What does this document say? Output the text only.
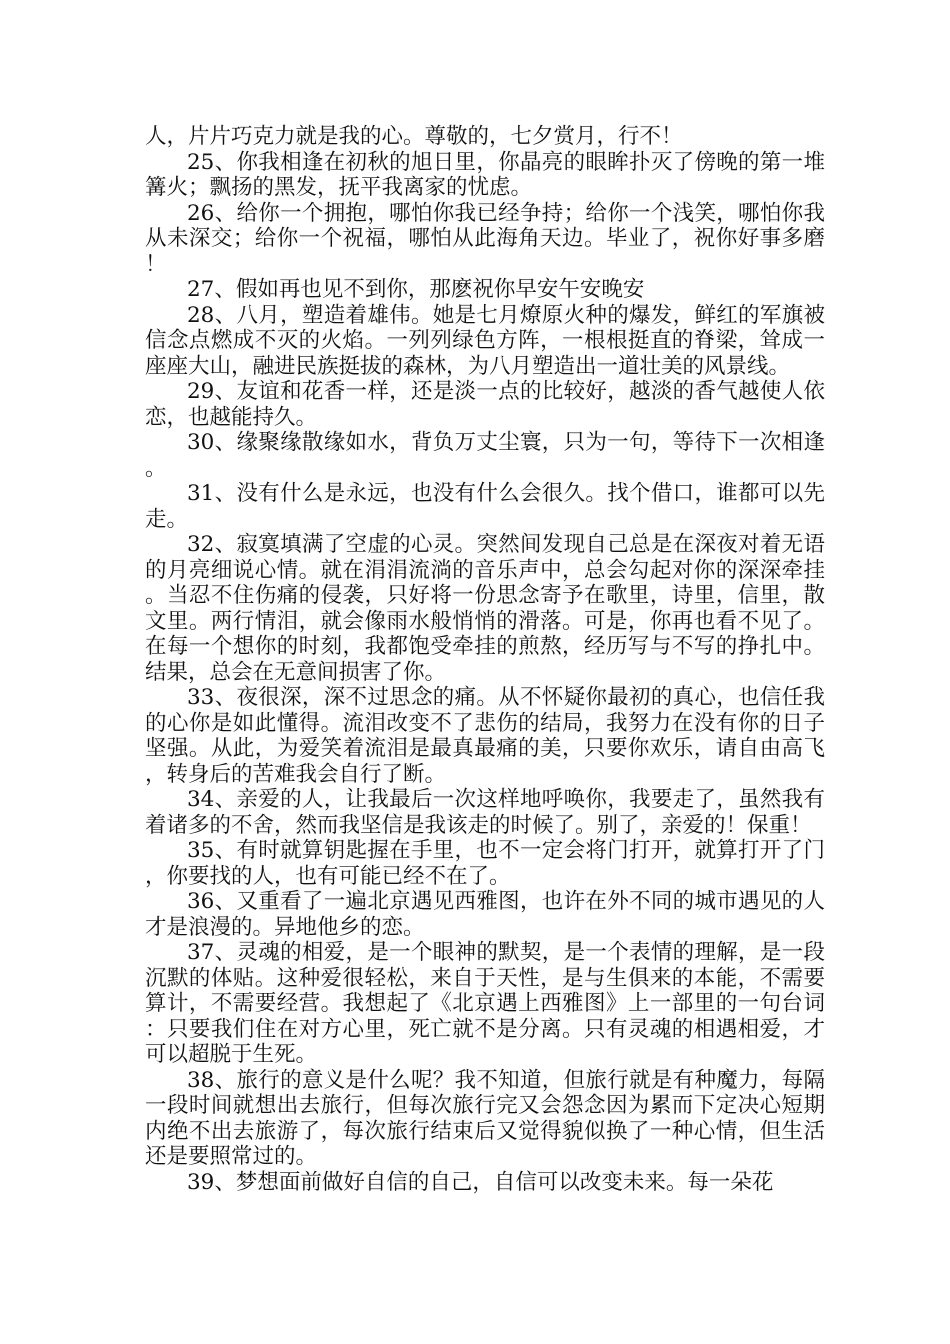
人，片片巧克力就是我的心。尊敬的，七夕赏月，行不！

25、你我相逢在初秋的旭日里，你晶亮的眼眸扑灭了傍晚的第一堆篝火；飘扬的黑发，抚平我离家的忧虑。

26、给你一个拥抱，哪怕你我已经争持；给你一个浅笑，哪怕你我从未深交；给你一个祝福，哪怕从此海角天边。毕业了，祝你好事多磨！

27、假如再也见不到你，那麽祝你早安午安晚安

28、八月，塑造着雄伟。她是七月燎原火种的爆发，鲜红的军旗被信念点燃成不灭的火焰。一列列绿色方阵，一根根挺直的脊梁，耸成一座座大山，融进民族挺拔的森林，为八月塑造出一道壮美的风景线。

29、友谊和花香一样，还是淡一点的比较好，越淡的香气越使人依恋，也越能持久。

30、缘聚缘散缘如水，背负万丈尘寰，只为一句，等待下一次相逢。

31、没有什么是永远，也没有什么会很久。找个借口，谁都可以先走。

32、寂寞填满了空虚的心灵。突然间发现自己总是在深夜对着无语的月亮细说心情。就在涓涓流淌的音乐声中，总会勾起对你的深深牵挂。当忍不住伤痛的侵袭，只好将一份思念寄予在歌里，诗里，信里，散文里。两行情泪，就会像雨水般悄悄的滑落。可是，你再也看不见了。在每一个想你的时刻，我都饱受牵挂的煎熬，经历写与不写的挣扎中。结果，总会在无意间损害了你。

33、夜很深，深不过思念的痛。从不怀疑你最初的真心，也信任我的心你是如此懂得。流泪改变不了悲伤的结局，我努力在没有你的日子坚强。从此，为爱笑着流泪是最真最痛的美，只要你欢乐，请自由高飞，转身后的苦难我会自行了断。

34、亲爱的人，让我最后一次这样地呼唤你，我要走了，虽然我有着诸多的不舍，然而我坚信是我该走的时候了。别了，亲爱的！保重！

35、有时就算钥匙握在手里，也不一定会将门打开，就算打开了门，你要找的人，也有可能已经不在了。

36、又重看了一遍北京遇见西雅图，也许在外不同的城市遇见的人才是浪漫的。异地他乡的恋。

37、灵魂的相爱，是一个眼神的默契，是一个表情的理解，是一段沉默的体贴。这种爱很轻松，来自于天性，是与生俱来的本能，不需要算计，不需要经营。我想起了《北京遇上西雅图》上一部里的一句台词：只要我们住在对方心里，死亡就不是分离。只有灵魂的相遇相爱，才可以超脱于生死。

38、旅行的意义是什么呢？我不知道，但旅行就是有种魔力，每隔一段时间就想出去旅行，但每次旅行完又会怨念因为累而下定决心短期内绝不出去旅游了，每次旅行结束后又觉得貌似换了一种心情，但生活还是要照常过的。

39、梦想面前做好自信的自己，自信可以改变未来。每一朵花
